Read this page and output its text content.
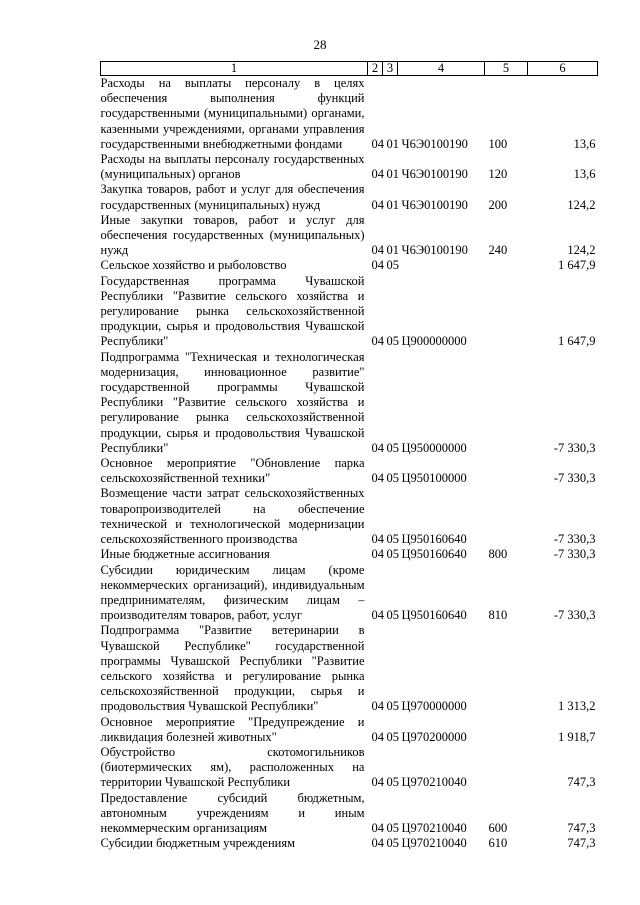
28
1	2	3	4	5	6
Расходы на выплаты персоналу в целях обеспечения выполнения функций государственными (муниципальными) органами, казенными учреждениями, органами управления государственными внебюджетными фондами	04	01	Ч6Э0100190	100	13,6
Расходы на выплаты персоналу государственных (муниципальных) органов	04	01	Ч6Э0100190	120	13,6
Закупка товаров, работ и услуг для обеспечения государственных (муниципальных) нужд	04	01	Ч6Э0100190	200	124,2
Иные закупки товаров, работ и услуг для обеспечения государственных (муниципальных) нужд	04	01	Ч6Э0100190	240	124,2
Сельское хозяйство и рыболовство	04	05			1 647,9
Государственная программа Чувашской Республики "Развитие сельского хозяйства и регулирование рынка сельскохозяйственной продукции, сырья и продовольствия Чувашской Республики"	04	05	Ц900000000		1 647,9
Подпрограмма "Техническая и технологическая модернизация, инновационное развитие" государственной программы Чувашской Республики "Развитие сельского хозяйства и регулирование рынка сельскохозяйственной продукции, сырья и продовольствия Чувашской Республики"	04	05	Ц950000000		-7 330,3
Основное мероприятие "Обновление парка сельскохозяйственной техники"	04	05	Ц950100000		-7 330,3
Возмещение части затрат сельскохозяйственных товаропроизводителей на обеспечение технической и технологической модернизации сельскохозяйственного производства	04	05	Ц950160640		-7 330,3
Иные бюджетные ассигнования	04	05	Ц950160640	800	-7 330,3
Субсидии юридическим лицам (кроме некоммерческих организаций), индивидуальным предпринимателям, физическим лицам – производителям товаров, работ, услуг	04	05	Ц950160640	810	-7 330,3
Подпрограмма "Развитие ветеринарии в Чувашской Республике" государственной программы Чувашской Республики "Развитие сельского хозяйства и регулирование рынка сельскохозяйственной продукции, сырья и продовольствия Чувашской Республики"	04	05	Ц970000000		1 313,2
Основное мероприятие "Предупреждение и ликвидация болезней животных"	04	05	Ц970200000		1 918,7
Обустройство скотомогильников (биотермических ям), расположенных на территории Чувашской Республики	04	05	Ц970210040		747,3
Предоставление субсидий бюджетным, автономным учреждениям и иным некоммерческим организациям	04	05	Ц970210040	600	747,3
Субсидии бюджетным учреждениям	04	05	Ц970210040	610	747,3
